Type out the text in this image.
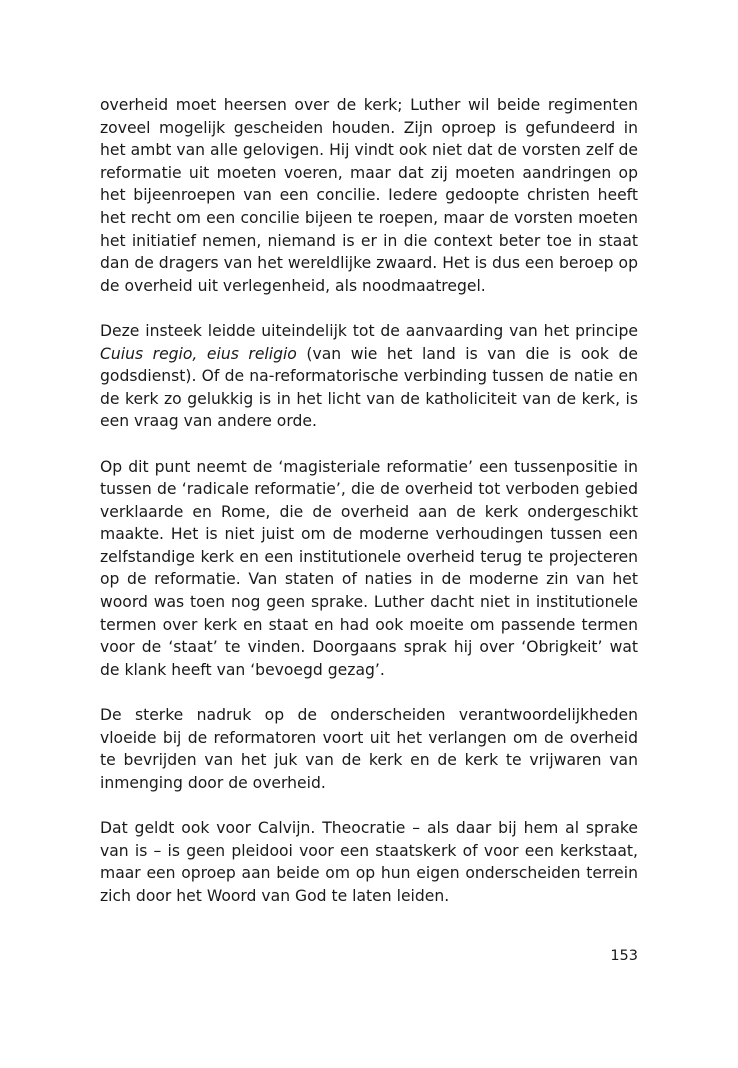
overheid moet heersen over de kerk; Luther wil beide regimenten zoveel mogelijk gescheiden houden. Zijn oproep is gefundeerd in het ambt van alle gelovigen. Hij vindt ook niet dat de vorsten zelf de reformatie uit moeten voeren, maar dat zij moeten aandringen op het bijeenroepen van een concilie. Iedere gedoopte christen heeft het recht om een concilie bijeen te roepen, maar de vorsten moeten het initiatief nemen, niemand is er in die context beter toe in staat dan de dragers van het wereldlijke zwaard. Het is dus een beroep op de overheid uit verlegenheid, als noodmaatregel.

Deze insteek leidde uiteindelijk tot de aanvaarding van het principe Cuius regio, eius religio (van wie het land is van die is ook de godsdienst). Of de na-reformatorische verbinding tussen de natie en de kerk zo gelukkig is in het licht van de katholiciteit van de kerk, is een vraag van andere orde.

Op dit punt neemt de ‘magisteriale reformatie’ een tussenpositie in tussen de ‘radicale reformatie’, die de overheid tot verboden gebied verklaarde en Rome, die de overheid aan de kerk ondergeschikt maakte. Het is niet juist om de moderne verhoudingen tussen een zelfstandige kerk en een institutionele overheid terug te projecteren op de reformatie. Van staten of naties in de moderne zin van het woord was toen nog geen sprake. Luther dacht niet in institutionele termen over kerk en staat en had ook moeite om passende termen voor de ‘staat’ te vinden. Doorgaans sprak hij over ‘Obrigkeit’ wat de klank heeft van ‘bevoegd gezag’.

De sterke nadruk op de onderscheiden verantwoordelijkheden vloeide bij de reformatoren voort uit het verlangen om de overheid te bevrijden van het juk van de kerk en de kerk te vrijwaren van inmenging door de overheid.

Dat geldt ook voor Calvijn. Theocratie – als daar bij hem al sprake van is – is geen pleidooi voor een staatskerk of voor een kerkstaat, maar een oproep aan beide om op hun eigen onderscheiden terrein zich door het Woord van God te laten leiden.

153
